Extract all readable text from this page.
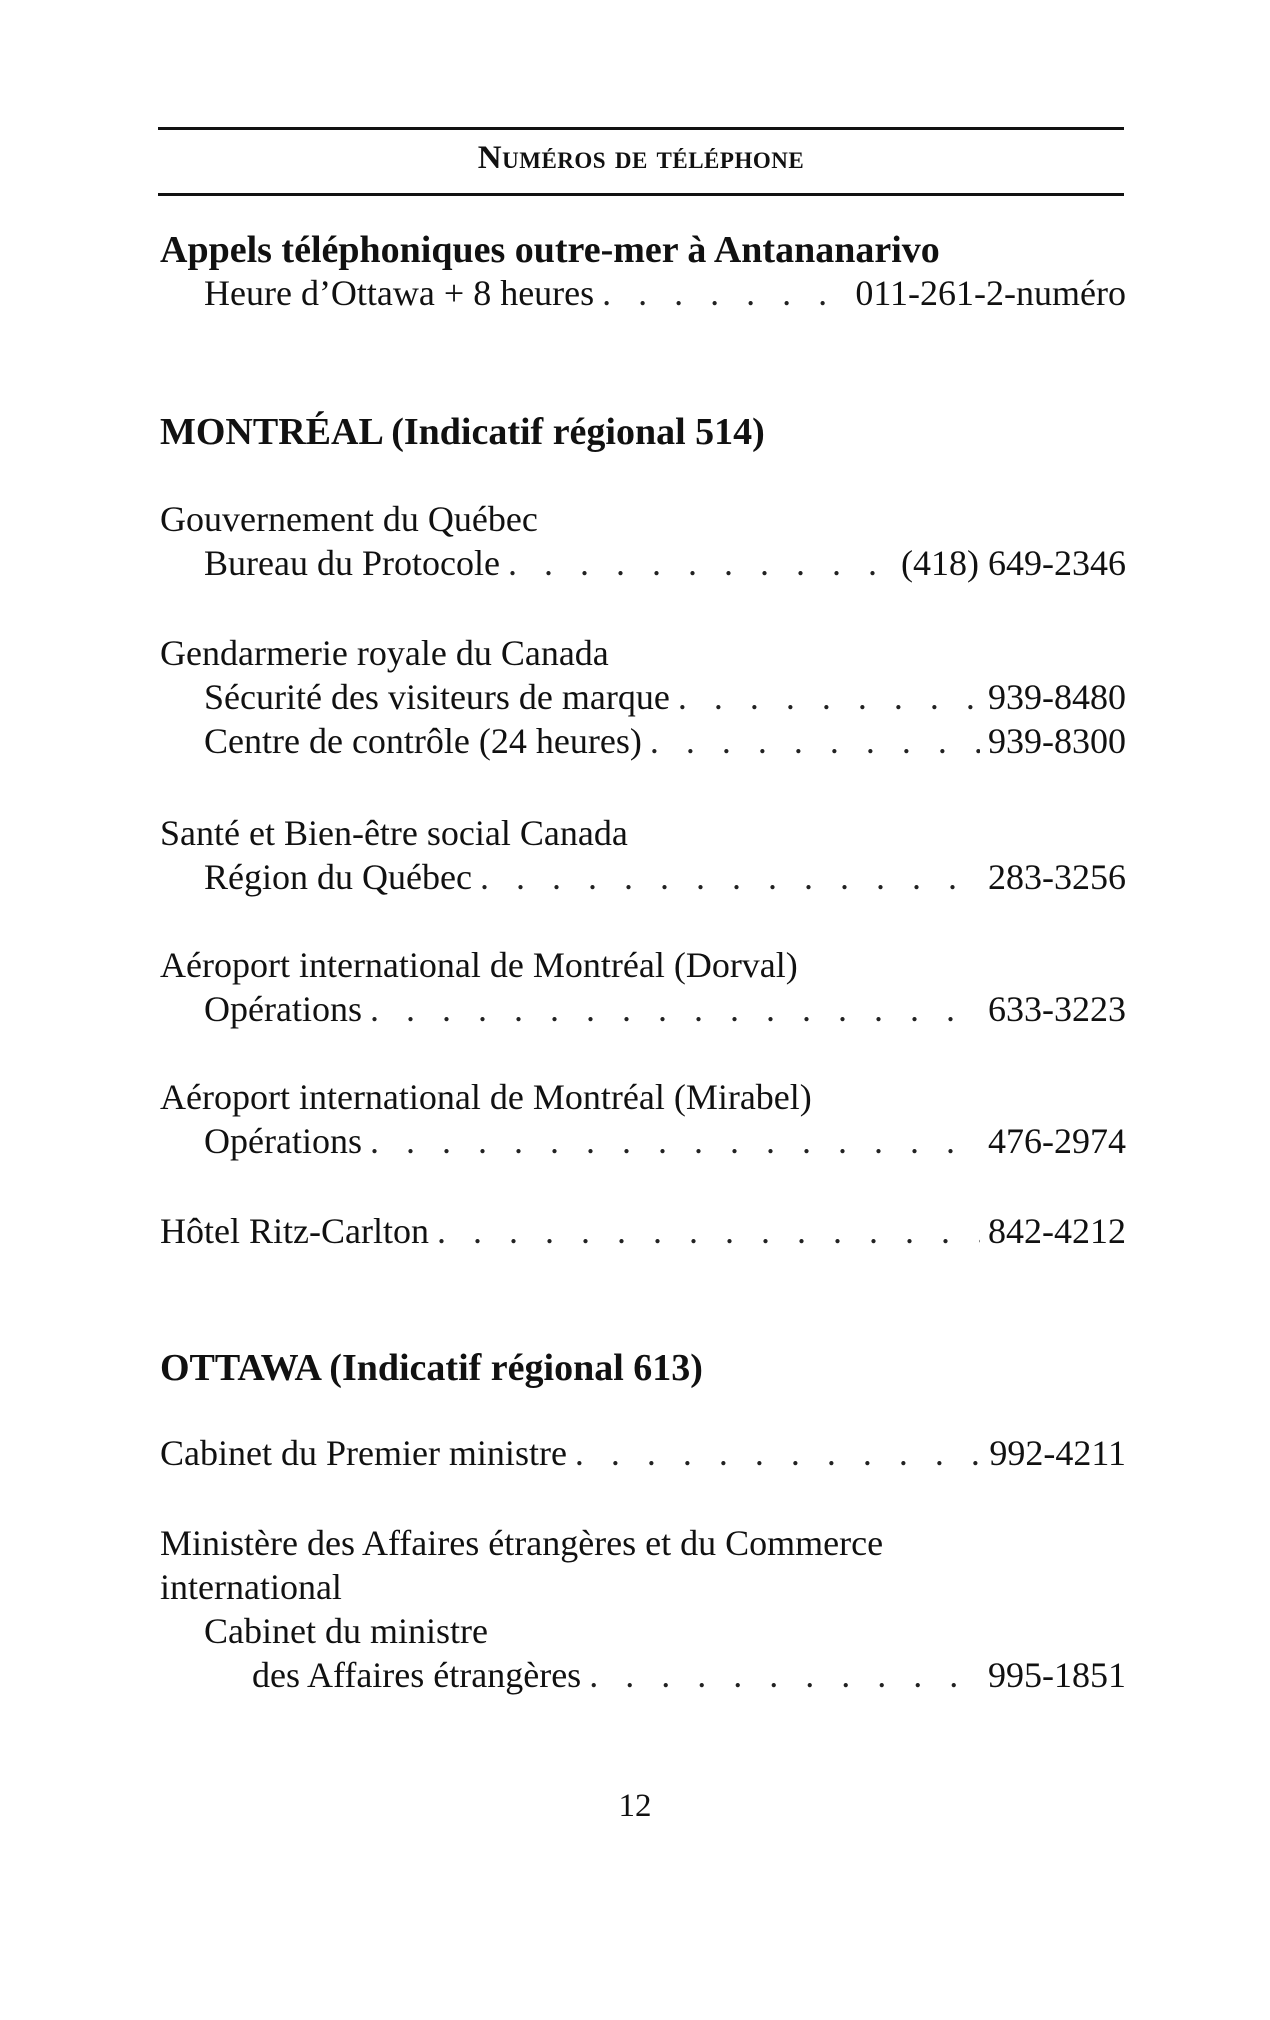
Numéros de téléphone
Appels téléphoniques outre-mer à Antananarivo
Heure d’Ottawa + 8 heures . . .	011-261-2-numéro
MONTRÉAL (Indicatif régional 514)
Gouvernement du Québec
Bureau du Protocole . . .	(418) 649-2346
Gendarmerie royale du Canada
Sécurité des visiteurs de marque . . .	939-8480
Centre de contrôle (24 heures) . . .	939-8300
Santé et Bien-être social Canada
Région du Québec . . .	283-3256
Aéroport international de Montréal (Dorval)
Opérations . . .	633-3223
Aéroport international de Montréal (Mirabel)
Opérations . . .	476-2974
Hôtel Ritz-Carlton . . .	842-4212
OTTAWA (Indicatif régional 613)
Cabinet du Premier ministre . . .	992-4211
Ministère des Affaires étrangères et du Commerce
international
Cabinet du ministre
des Affaires étrangères . . .	995-1851
12
